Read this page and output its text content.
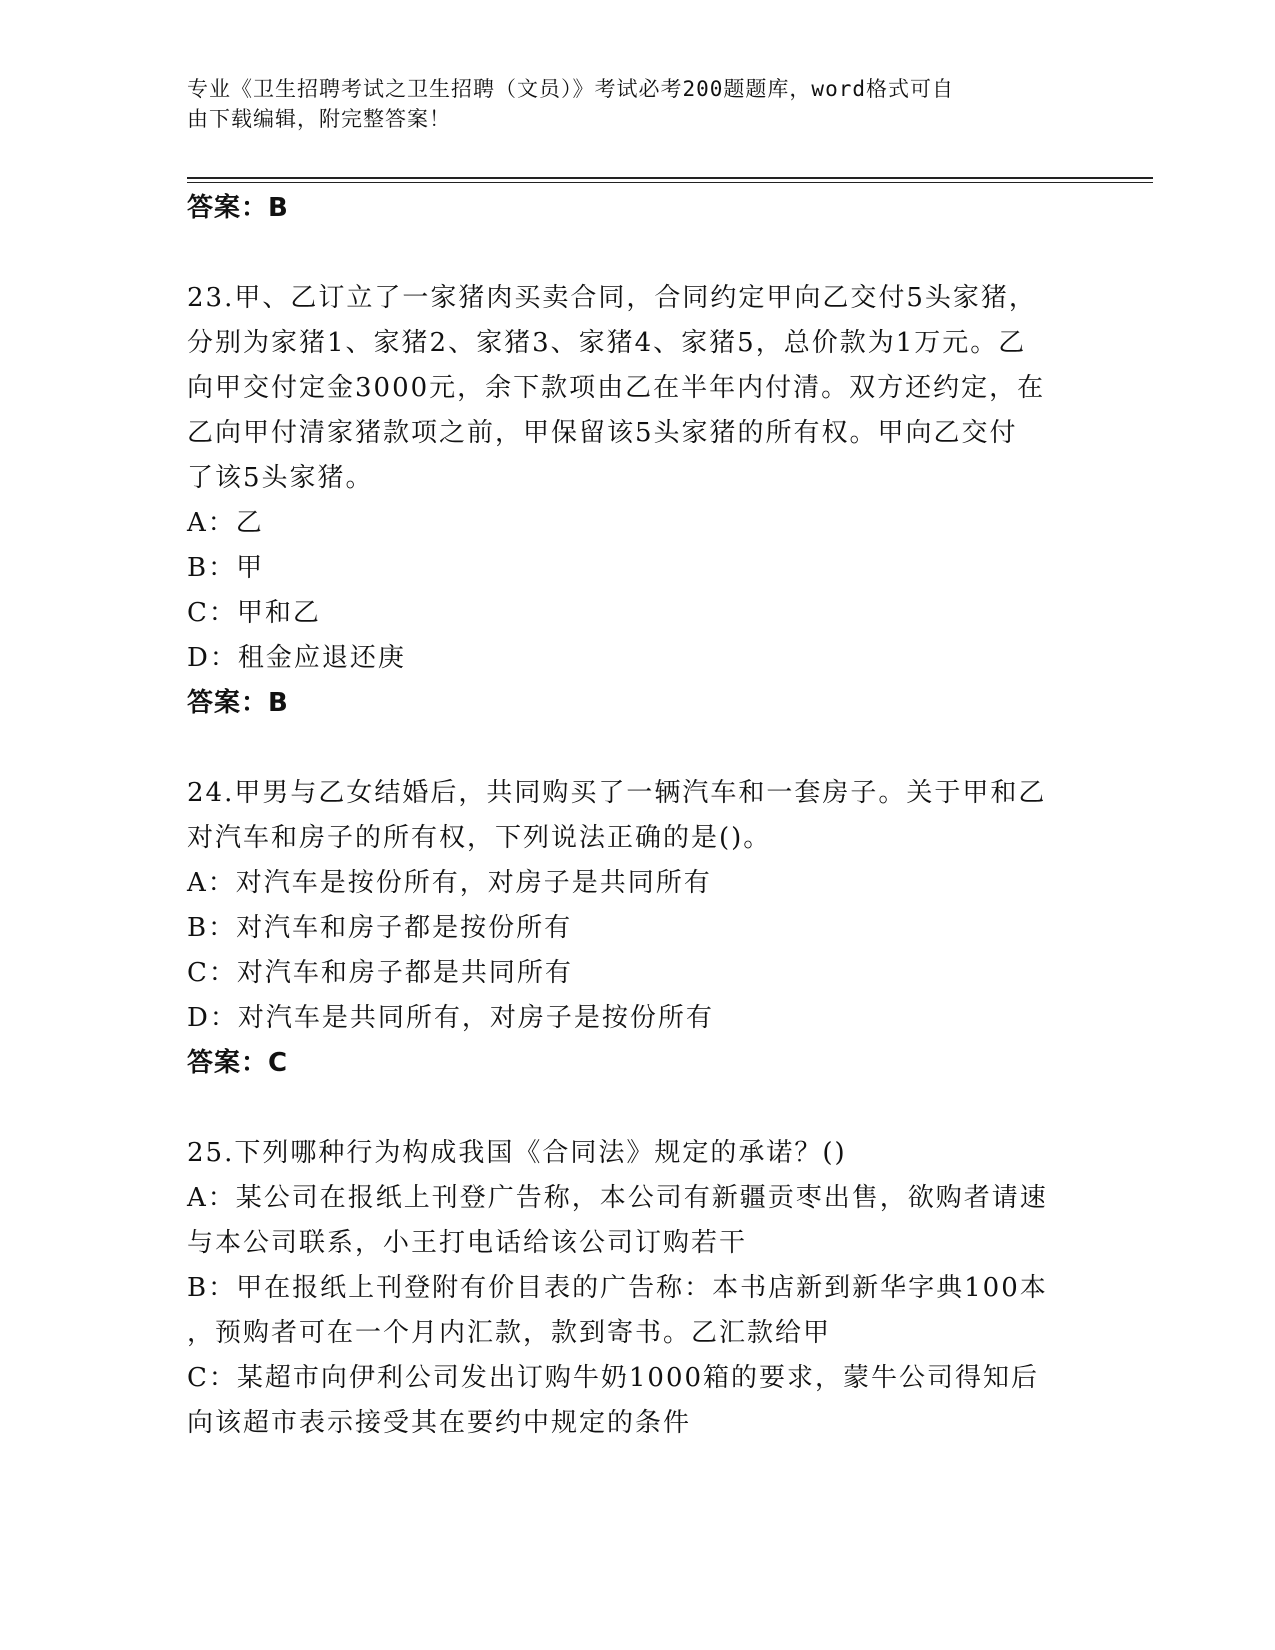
专业《卫生招聘考试之卫生招聘（文员）》考试必考200题题库，word格式可自
由下载编辑，附完整答案！
答案：B
23.甲、乙订立了一家猪肉买卖合同，合同约定甲向乙交付5头家猪，
分别为家猪1、家猪2、家猪3、家猪4、家猪5，总价款为1万元。乙
向甲交付定金3000元，余下款项由乙在半年内付清。双方还约定，在
乙向甲付清家猪款项之前，甲保留该5头家猪的所有权。甲向乙交付
了该5头家猪。
A：乙
B：甲
C：甲和乙
D：租金应退还庚
答案：B
24.甲男与乙女结婚后，共同购买了一辆汽车和一套房子。关于甲和乙
对汽车和房子的所有权，下列说法正确的是()。
A：对汽车是按份所有，对房子是共同所有
B：对汽车和房子都是按份所有
C：对汽车和房子都是共同所有
D：对汽车是共同所有，对房子是按份所有
答案：C
25.下列哪种行为构成我国《合同法》规定的承诺？()
A：某公司在报纸上刊登广告称，本公司有新疆贡枣出售，欲购者请速
与本公司联系，小王打电话给该公司订购若干
B：甲在报纸上刊登附有价目表的广告称：本书店新到新华字典100本
，预购者可在一个月内汇款，款到寄书。乙汇款给甲
C：某超市向伊利公司发出订购牛奶1000箱的要求，蒙牛公司得知后
向该超市表示接受其在要约中规定的条件
